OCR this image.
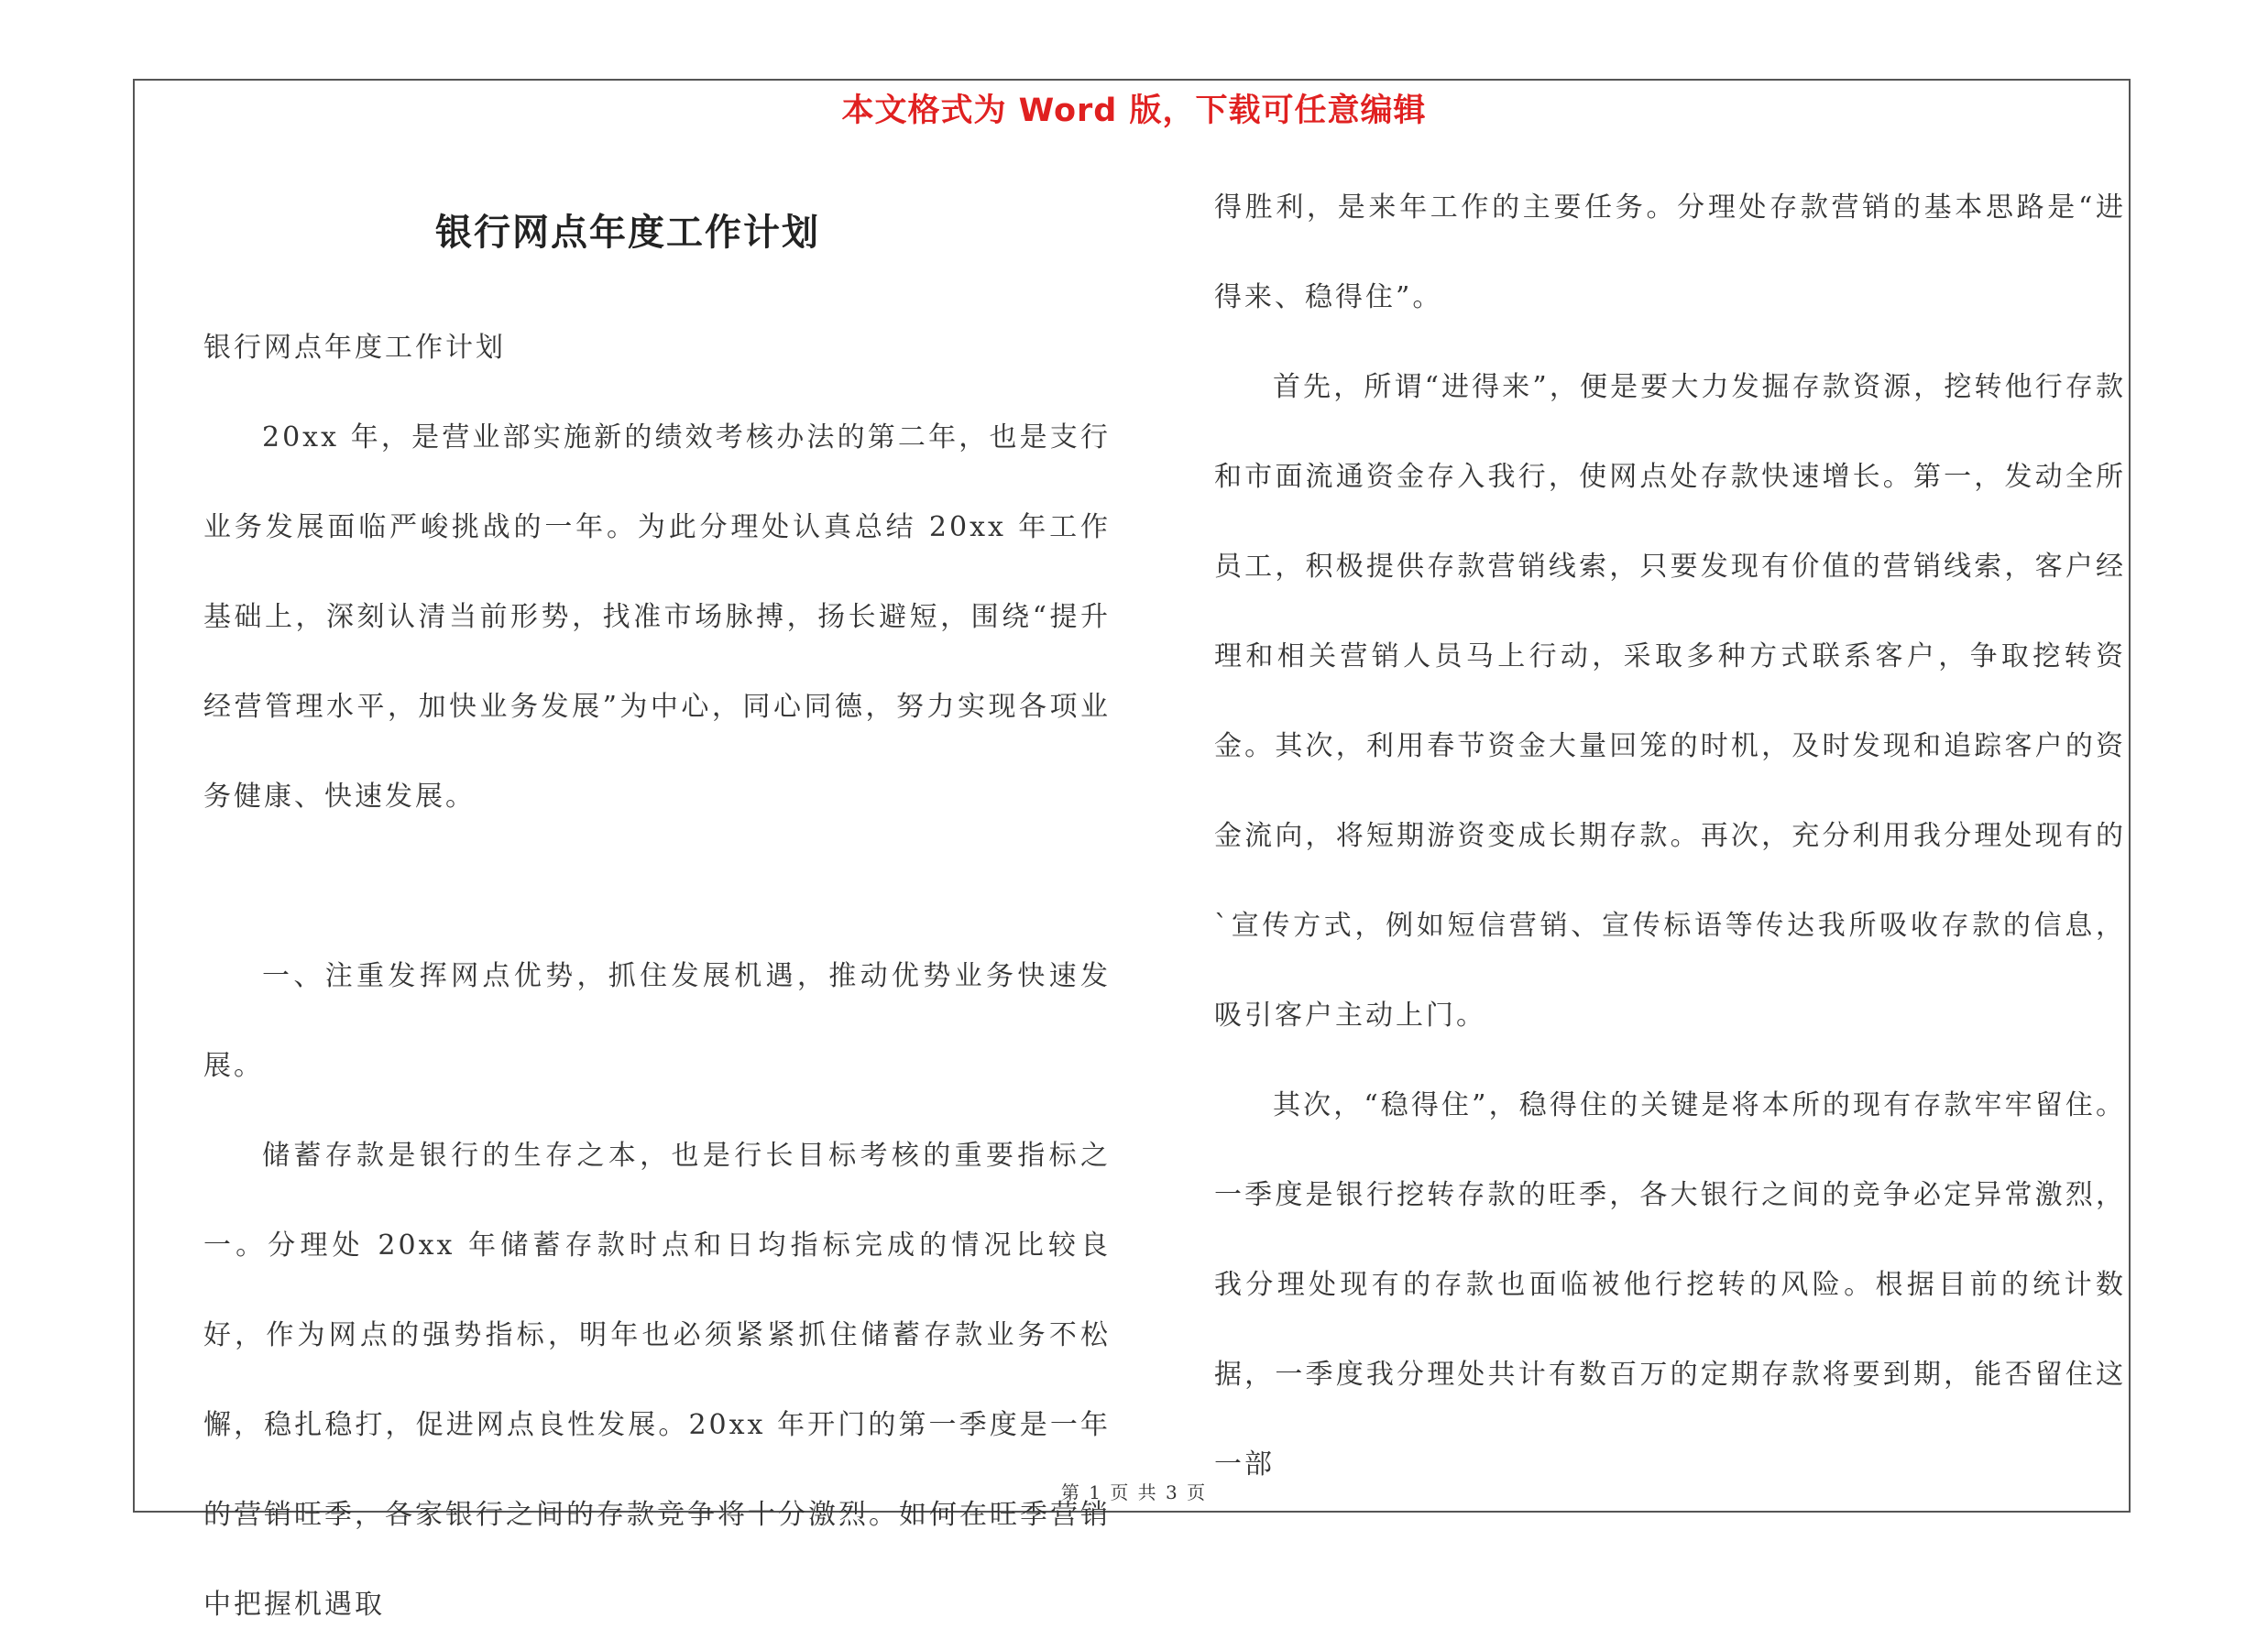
本文格式为 Word 版，下载可任意编辑
银行网点年度工作计划

银行网点年度工作计划

20xx 年，是营业部实施新的绩效考核办法的第二年，也是支行业务发展面临严峻挑战的一年。为此分理处认真总结 20xx 年工作基础上，深刻认清当前形势，找准市场脉搏，扬长避短，围绕“提升经营管理水平，加快业务发展”为中心，同心同德，努力实现各项业务健康、快速发展。

一、注重发挥网点优势，抓住发展机遇，推动优势业务快速发展。

储蓄存款是银行的生存之本，也是行长目标考核的重要指标之一。分理处 20xx 年储蓄存款时点和日均指标完成的情况比较良好，作为网点的强势指标，明年也必须紧紧抓住储蓄存款业务不松懈，稳扎稳打，促进网点良性发展。20xx 年开门的第一季度是一年的营销旺季，各家银行之间的存款竞争将十分激烈。如何在旺季营销中把握机遇取

得胜利，是来年工作的主要任务。分理处存款营销的基本思路是“进得来、稳得住”。

首先，所谓“进得来”，便是要大力发掘存款资源，挖转他行存款和市面流通资金存入我行，使网点处存款快速增长。第一，发动全所员工，积极提供存款营销线索，只要发现有价值的营销线索，客户经理和相关营销人员马上行动，采取多种方式联系客户，争取挖转资金。其次，利用春节资金大量回笼的时机，及时发现和追踪客户的资金流向，将短期游资变成长期存款。再次，充分利用我分理处现有的`宣传方式，例如短信营销、宣传标语等传达我所吸收存款的信息，吸引客户主动上门。

其次，“稳得住”，稳得住的关键是将本所的现有存款牢牢留住。一季度是银行挖转存款的旺季，各大银行之间的竞争必定异常激烈，我分理处现有的存款也面临被他行挖转的风险。根据目前的统计数据，一季度我分理处共计有数百万的定期存款将要到期，能否留住这一部

第 1 页 共 3 页
